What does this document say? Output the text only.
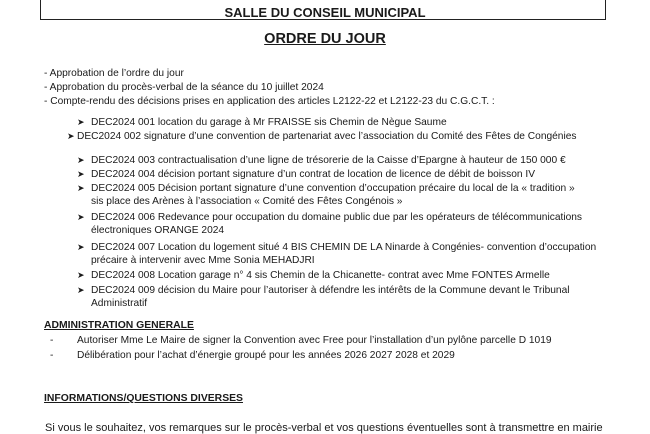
SALLE DU CONSEIL MUNICIPAL
ORDRE DU JOUR
- Approbation de l’ordre du jour
- Approbation du procès-verbal de la séance du 10 juillet 2024
- Compte-rendu des décisions prises en application des articles L2122-22 et L2122-23 du C.G.C.T. :
➤ DEC2024 001 location du garage à Mr FRAISSE sis Chemin de Nègue Saume
➤ DEC2024 002 signature d’une convention de partenariat avec l’association du Comité des Fêtes de Congénies
➤ DEC2024 003 contractualisation d’une ligne de trésorerie de la Caisse d’Epargne à hauteur de 150 000 €
➤ DEC2024 004 décision portant signature d’un contrat de location de licence de débit de boisson IV
➤ DEC2024 005 Décision portant signature d’une convention d’occupation précaire du local de la « tradition »
sis place des Arènes à l’association « Comité des Fêtes Congénois »
➤ DEC2024 006 Redevance pour occupation du domaine public due par les opérateurs de télécommunications
électroniques ORANGE 2024
➤ DEC2024 007 Location du logement situé 4 BIS CHEMIN DE LA Ninarde à Congénies- convention d’occupation
précaire à intervenir avec Mme Sonia MEHADJRI
➤ DEC2024 008 Location garage n° 4 sis Chemin de la Chicanette- contrat avec Mme FONTES Armelle
➤ DEC2024 009 décision du Maire pour l’autoriser à défendre les intérêts de la Commune devant le Tribunal
Administratif
ADMINISTRATION GENERALE
- Autoriser Mme Le Maire de signer la Convention avec Free pour l’installation d’un pylône parcelle D 1019
- Délibération pour l’achat d’énergie groupé pour les années 2026 2027 2028 et 2029
INFORMATIONS/QUESTIONS DIVERSES
Si vous le souhaitez, vos remarques sur le procès-verbal et vos questions éventuelles sont à transmettre en mairie
